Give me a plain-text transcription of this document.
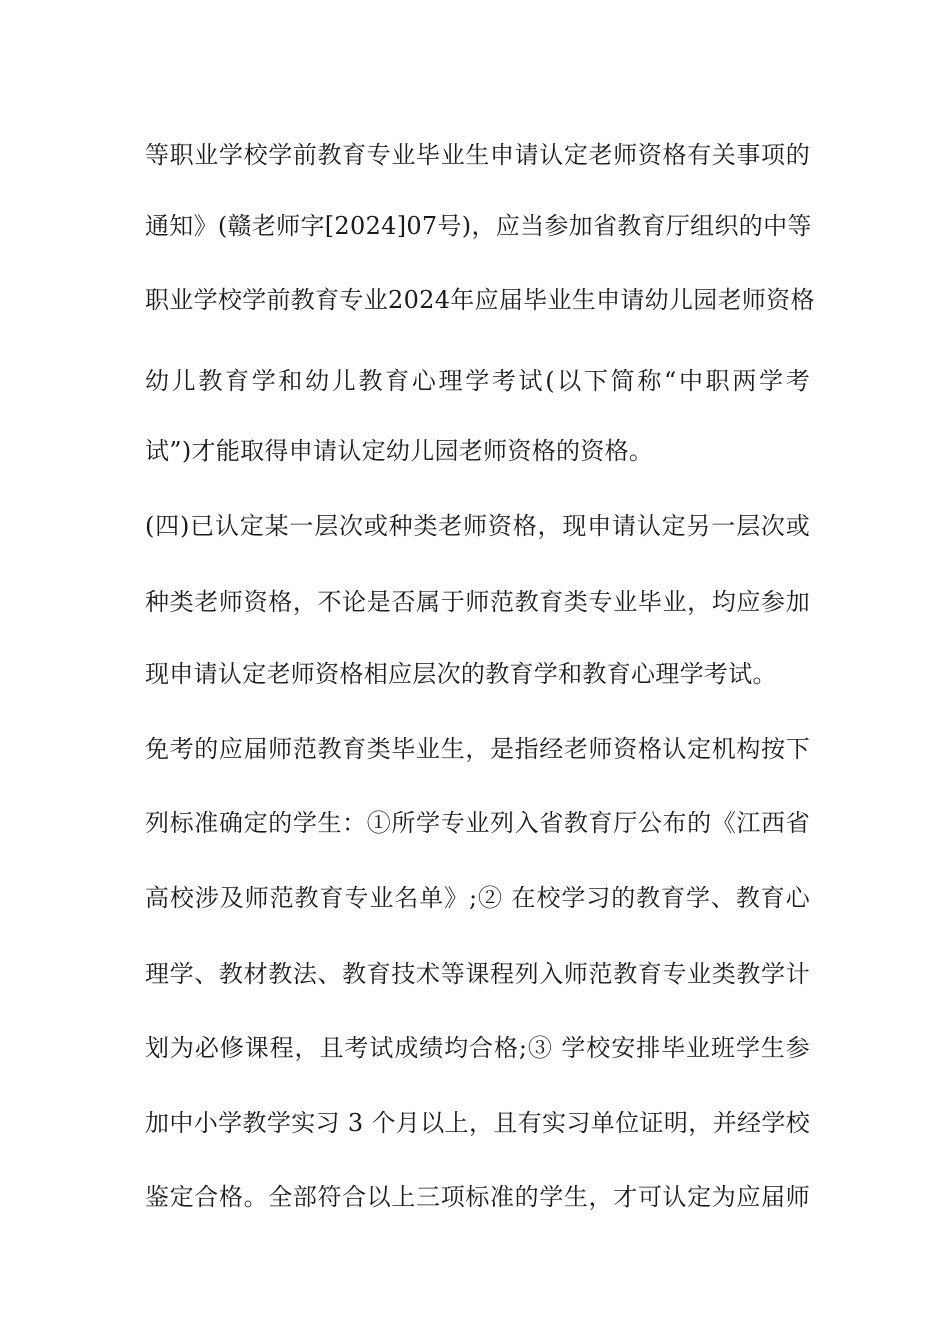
等职业学校学前教育专业毕业生申请认定老师资格有关事项的
通知》(赣老师字[2024]07号)，应当参加省教育厅组织的中等
职业学校学前教育专业2024年应届毕业生申请幼儿园老师资格
幼儿教育学和幼儿教育心理学考试(以下简称“中职两学考
试”)才能取得申请认定幼儿园老师资格的资格。
(四)已认定某一层次或种类老师资格，现申请认定另一层次或
种类老师资格，不论是否属于师范教育类专业毕业，均应参加
现申请认定老师资格相应层次的教育学和教育心理学考试。
免考的应届师范教育类毕业生，是指经老师资格认定机构按下
列标准确定的学生：①所学专业列入省教育厅公布的《江西省
高校涉及师范教育专业名单》;② 在校学习的教育学、教育心
理学、教材教法、教育技术等课程列入师范教育专业类教学计
划为必修课程，且考试成绩均合格;③ 学校安排毕业班学生参
加中小学教学实习 3 个月以上，且有实习单位证明，并经学校
鉴定合格。全部符合以上三项标准的学生，才可认定为应届师
